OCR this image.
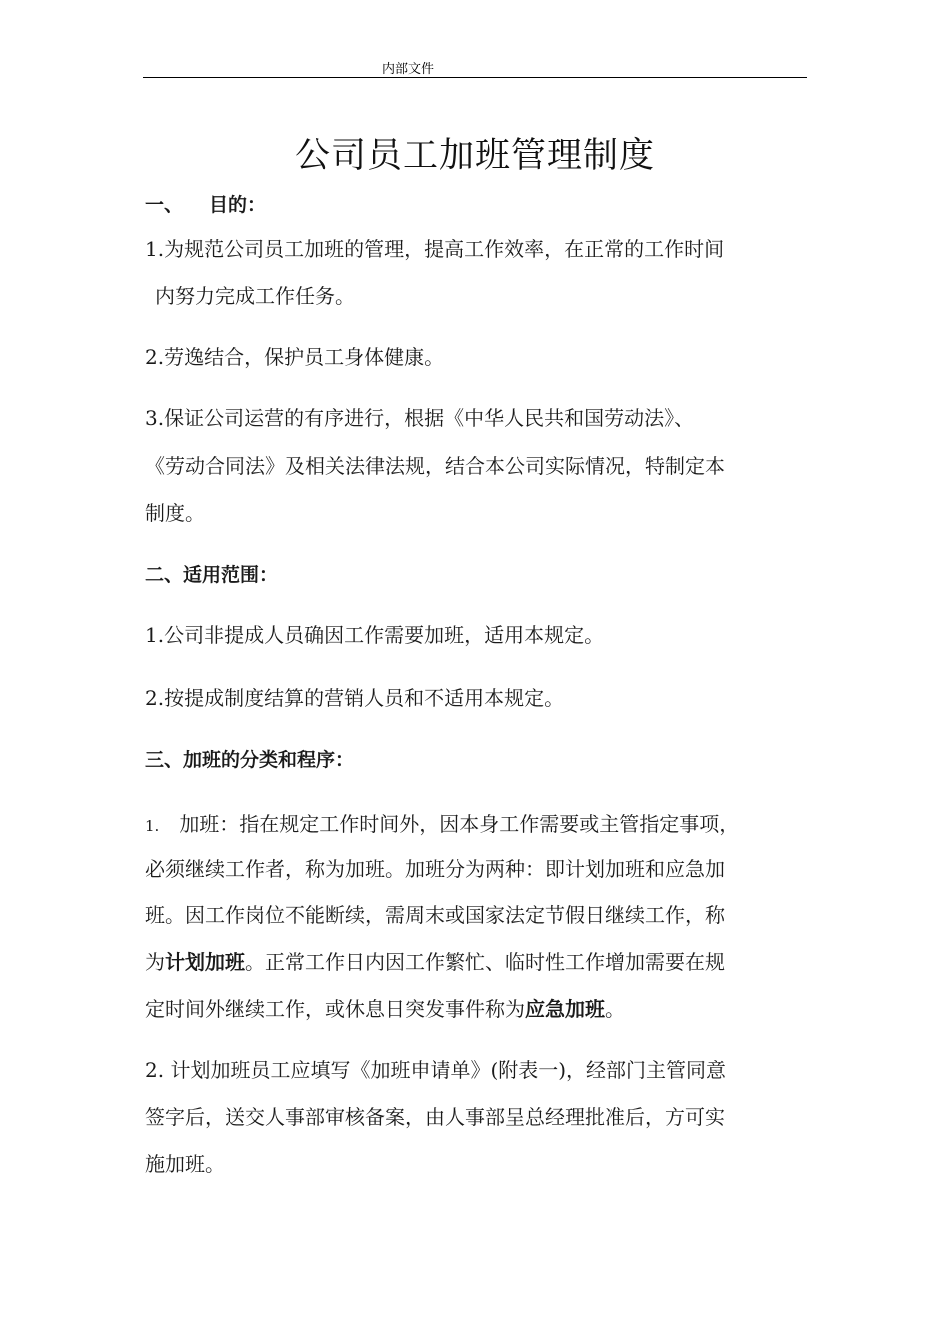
内部文件
公司员工加班管理制度
一、 目的：
1.为规范公司员工加班的管理，提高工作效率，在正常的工作时间
内努力完成工作任务。
2.劳逸结合，保护员工身体健康。
3.保证公司运营的有序进行，根据《中华人民共和国劳动法》、
《劳动合同法》及相关法律法规，结合本公司实际情况，特制定本
制度。
二、适用范围：
1.公司非提成人员确因工作需要加班，适用本规定。
2.按提成制度结算的营销人员和不适用本规定。
三、加班的分类和程序：
1. 加班：指在规定工作时间外，因本身工作需要或主管指定事项，
必须继续工作者，称为加班。加班分为两种：即计划加班和应急加
班。因工作岗位不能断续，需周末或国家法定节假日继续工作，称
为计划加班。正常工作日内因工作繁忙、临时性工作增加需要在规
定时间外继续工作，或休息日突发事件称为应急加班。
2. 计划加班员工应填写《加班申请单》(附表一)，经部门主管同意
签字后，送交人事部审核备案，由人事部呈总经理批准后，方可实
施加班。
